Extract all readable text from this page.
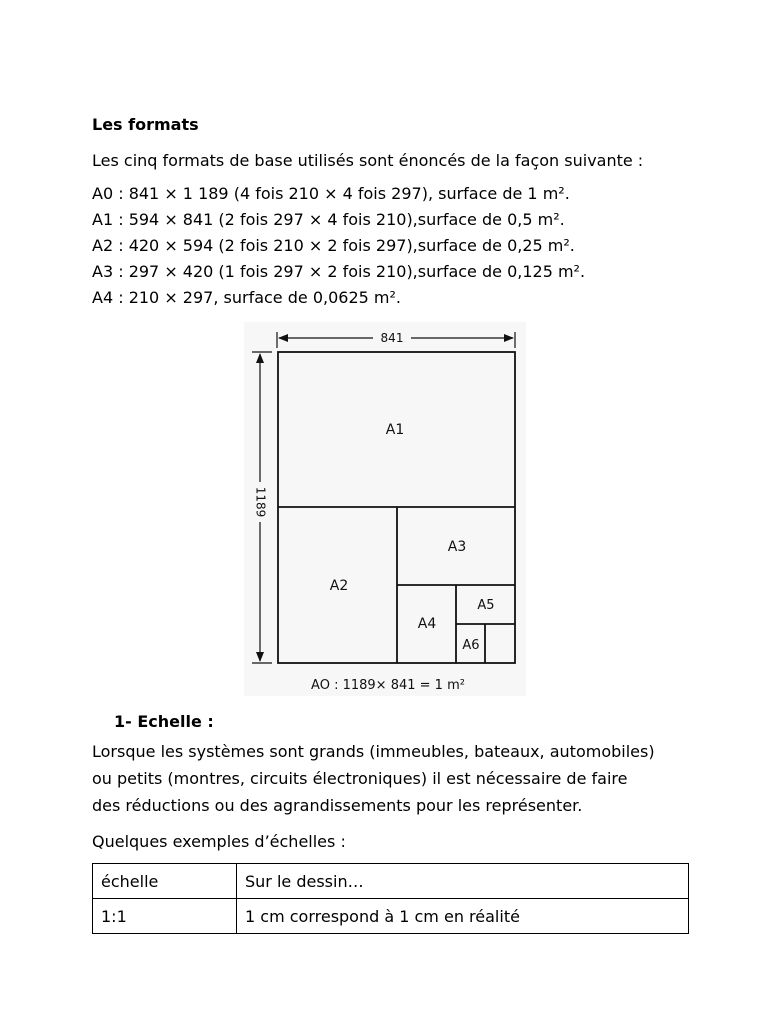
Les formats

Les cinq formats de base utilisés sont énoncés de la façon suivante :

A0 : 841 × 1 189 (4 fois 210 × 4 fois 297), surface de 1 m².

A1 : 594 × 841 (2 fois 297 × 4 fois 210),surface de 0,5 m².

A2 : 420 × 594 (2 fois 210 × 2 fois 297),surface de 0,25 m².

A3 : 297 × 420 (1 fois 297 × 2 fois 210),surface de 0,125 m².

A4 : 210 × 297, surface de 0,0625 m².

841
1189
A1
A2
A3
A4
A5
A6
AO : 1189× 841 = 1 m²

1- Echelle :

Lorsque les systèmes sont grands (immeubles, bateaux, automobiles)

ou petits (montres, circuits électroniques) il est nécessaire de faire

des réductions ou des agrandissements pour les représenter.

Quelques exemples d’échelles :

échelle	Sur le dessin…
1:1	1 cm correspond à 1 cm en réalité
